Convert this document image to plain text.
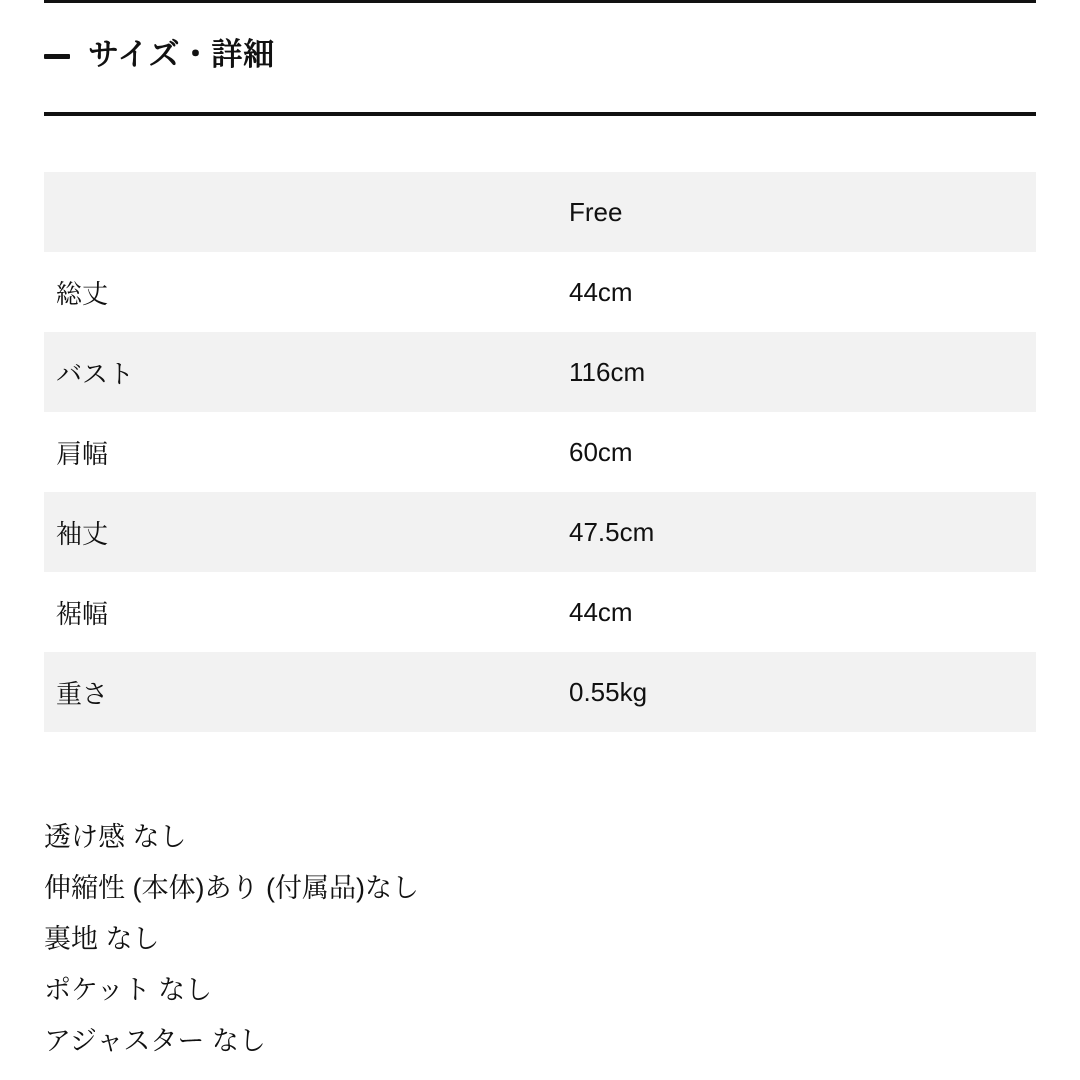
サイズ・詳細
	Free
総丈	44cm
バスト	116cm
肩幅	60cm
袖丈	47.5cm
裾幅	44cm
重さ	0.55kg
透け感 なし
伸縮性 (本体)あり (付属品)なし
裏地 なし
ポケット なし
アジャスター なし
